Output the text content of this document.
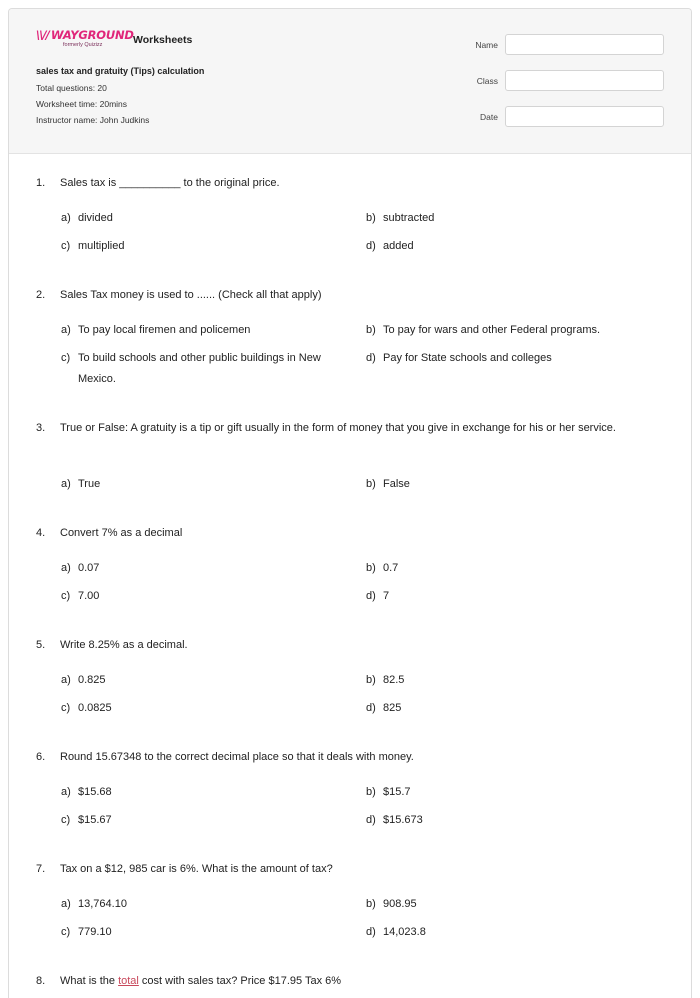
\\// WAYGROUND
formerly Quizizz	Worksheets
sales tax and gratuity (Tips) calculation
Total questions: 20
Worksheet time: 20mins
Instructor name: John Judkins
Name
Class
Date
1.	Sales tax is __________ to the original price.
a) divided	b) subtracted
c) multiplied	d) added
2.	Sales Tax money is used to ...... (Check all that apply)
a) To pay local firemen and policemen	b) To pay for wars and other Federal programs.
c) To build schools and other public buildings in New Mexico.
d) Pay for State schools and colleges
3.	True or False: A gratuity is a tip or gift usually in the form of money that you give in exchange for his or her service.
a) True	b) False
4.	Convert 7% as a decimal
a) 0.07	b) 0.7
c) 7.00	d) 7
5.	Write 8.25% as a decimal.
a) 0.825	b) 82.5
c) 0.0825	d) 825
6.	Round 15.67348 to the correct decimal place so that it deals with money.
a) $15.68	b) $15.7
c) $15.67	d) $15.673
7.	Tax on a $12, 985 car is 6%. What is the amount of tax?
a) 13,764.10	b) 908.95
c) 779.10	d) 14,023.8
8.	What is the total cost with sales tax? Price $17.95 Tax 6%
